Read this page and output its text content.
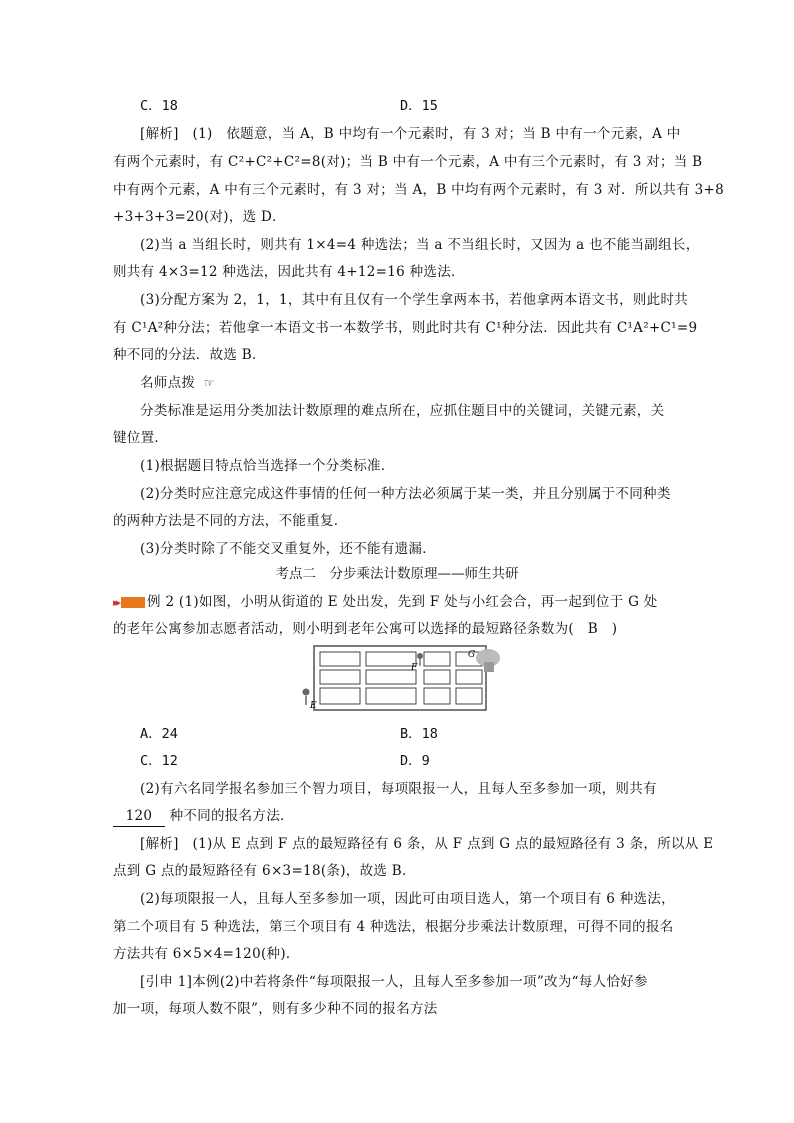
C．18	D．15
[解析]　(1)　依题意，当 A，B 中均有一个元素时，有 3 对；当 B 中有一个元素，A 中
有两个元素时，有 C²+C²+C²=8(对)；当 B 中有一个元素，A 中有三个元素时，有 3 对；当 B
中有两个元素，A 中有三个元素时，有 3 对；当 A，B 中均有两个元素时，有 3 对．所以共有 3+8
+3+3+3=20(对)，选 D．
(2)当 a 当组长时，则共有 1×4=4 种选法；当 a 不当组长时，又因为 a 也不能当副组长，
则共有 4×3=12 种选法，因此共有 4+12=16 种选法．
(3)分配方案为 2，1，1，其中有且仅有一个学生拿两本书，若他拿两本语文书，则此时共
有 C¹A²种分法；若他拿一本语文书一本数学书，则此时共有 C¹种分法．因此共有 C¹A²+C¹=9
种不同的分法．故选 B．
名师点拨 ☞
分类标准是运用分类加法计数原理的难点所在，应抓住题目中的关键词，关键元素，关
键位置．
(1)根据题目特点恰当选择一个分类标准．
(2)分类时应注意完成这件事情的任何一种方法必须属于某一类，并且分别属于不同种类
的两种方法是不同的方法，不能重复．
(3)分类时除了不能交叉重复外，还不能有遗漏．
考点二　分步乘法计数原理——师生共研
▸▸ 例 2 (1)如图，小明从街道的 E 处出发，先到 F 处与小红会合，再一起到位于 G 处
的老年公寓参加志愿者活动，则小明到老年公寓可以选择的最短路径条数为(　B　)
E
F
G
A．24	B．18
C．12	D．9
(2)有六名同学报名参加三个智力项目，每项限报一人，且每人至多参加一项，则共有
120 种不同的报名方法．
[解析]　(1)从 E 点到 F 点的最短路径有 6 条，从 F 点到 G 点的最短路径有 3 条，所以从 E
点到 G 点的最短路径有 6×3=18(条)，故选 B．
(2)每项限报一人，且每人至多参加一项，因此可由项目选人，第一个项目有 6 种选法，
第二个项目有 5 种选法，第三个项目有 4 种选法，根据分步乘法计数原理，可得不同的报名
方法共有 6×5×4=120(种)．
[引申 1]本例(2)中若将条件“每项限报一人，且每人至多参加一项”改为“每人恰好参
加一项，每项人数不限”，则有多少种不同的报名方法
